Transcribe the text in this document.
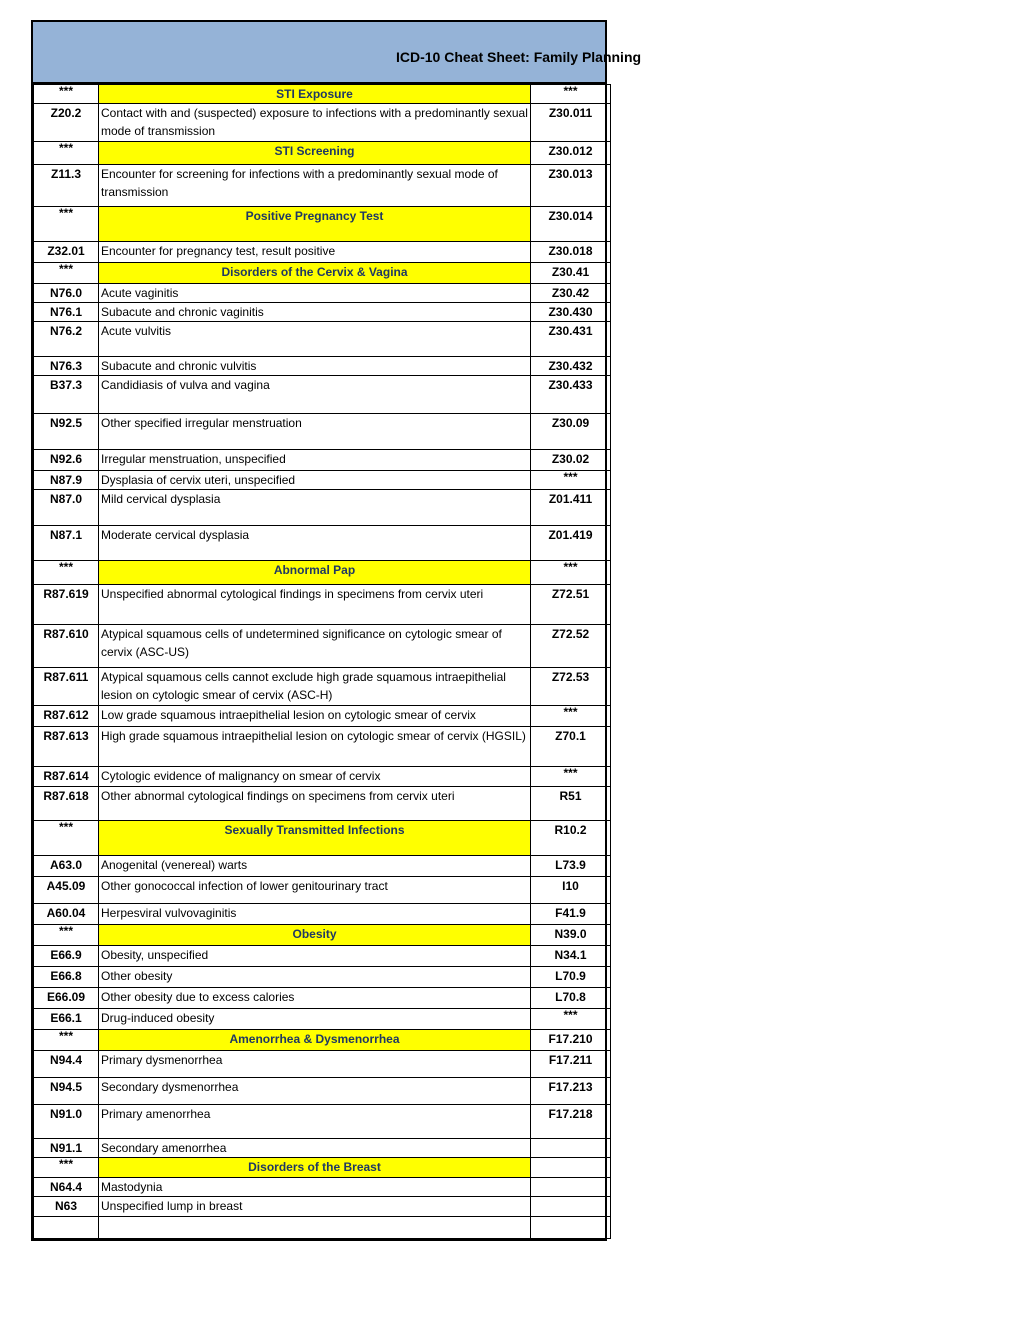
ICD-10 Cheat Sheet: Family Planning
***	STI Exposure	***
Z20.2	Contact with and (suspected) exposure to infections with a predominantly sexual mode of transmission	Z30.011
***	STI Screening	Z30.012
Z11.3	Encounter for screening for infections with a predominantly sexual mode of transmission	Z30.013
***	Positive Pregnancy Test	Z30.014
Z32.01	Encounter for pregnancy test, result positive	Z30.018
***	Disorders of the Cervix & Vagina	Z30.41
N76.0	Acute vaginitis	Z30.42
N76.1	Subacute and chronic vaginitis	Z30.430
N76.2	Acute vulvitis	Z30.431
N76.3	Subacute and chronic vulvitis	Z30.432
B37.3	Candidiasis of vulva and vagina	Z30.433
N92.5	Other specified irregular menstruation	Z30.09
N92.6	Irregular menstruation, unspecified	Z30.02
N87.9	Dysplasia of cervix uteri, unspecified	***
N87.0	Mild cervical dysplasia	Z01.411
N87.1	Moderate cervical dysplasia	Z01.419
***	Abnormal Pap	***
R87.619	Unspecified abnormal cytological findings in specimens from cervix uteri	Z72.51
R87.610	Atypical squamous cells of undetermined significance on cytologic smear of cervix (ASC-US)	Z72.52
R87.611	Atypical squamous cells cannot exclude high grade squamous intraepithelial lesion on cytologic smear of cervix (ASC-H)	Z72.53
R87.612	Low grade squamous intraepithelial lesion on cytologic smear of cervix	***
R87.613	High grade squamous intraepithelial lesion on cytologic smear of cervix (HGSIL)	Z70.1
R87.614	Cytologic evidence of malignancy on smear of cervix	***
R87.618	Other abnormal cytological findings on specimens from cervix uteri	R51
***	Sexually Transmitted Infections	R10.2
A63.0	Anogenital (venereal) warts	L73.9
A45.09	Other gonococcal infection of lower genitourinary tract	I10
A60.04	Herpesviral vulvovaginitis	F41.9
***	Obesity	N39.0
E66.9	Obesity, unspecified	N34.1
E66.8	Other obesity	L70.9
E66.09	Other obesity due to excess calories	L70.8
E66.1	Drug-induced obesity	***
***	Amenorrhea & Dysmenorrhea	F17.210
N94.4	Primary dysmenorrhea	F17.211
N94.5	Secondary dysmenorrhea	F17.213
N91.0	Primary amenorrhea	F17.218
N91.1	Secondary amenorrhea	
***	Disorders of the Breast	
N64.4	Mastodynia	
N63	Unspecified lump in breast	
